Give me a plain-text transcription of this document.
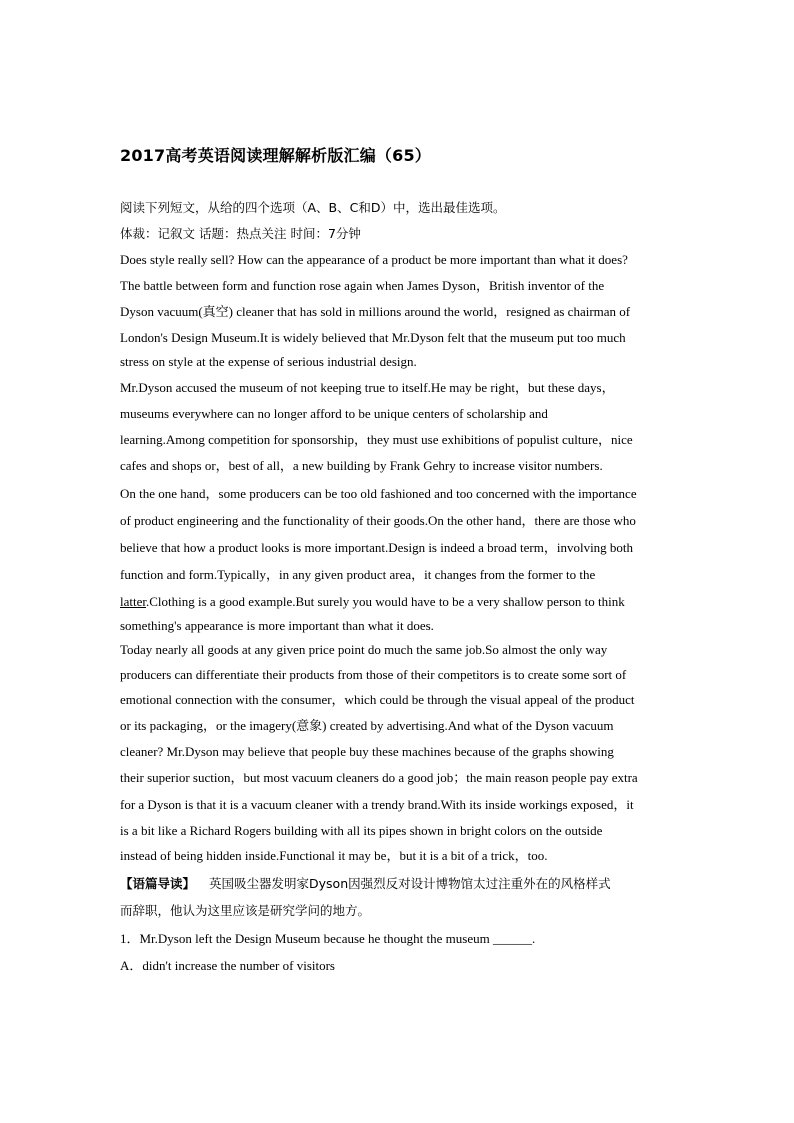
2017高考英语阅读理解解析版汇编（65）
阅读下列短文，从给的四个选项（A、B、C和D）中，选出最佳选项。
体裁：记叙文 话题：热点关注 时间：7分钟
Does style really sell? How can the appearance of a product be more important than what it does?
The battle between form and function rose again when James Dyson，British inventor of the
Dyson vacuum(真空) cleaner that has sold in millions around the world，resigned as chairman of
London's Design Museum.It is widely believed that Mr.Dyson felt that the museum put too much
stress on style at the expense of serious industrial design.
Mr.Dyson accused the museum of not keeping true to itself.He may be right，but these days，
museums everywhere can no longer afford to be unique centers of scholarship and
learning.Among competition for sponsorship，they must use exhibitions of populist culture，nice
cafes and shops or，best of all，a new building by Frank Gehry to increase visitor numbers.
On the one hand，some producers can be too old fashioned and too concerned with the importance
of product engineering and the functionality of their goods.On the other hand，there are those who
believe that how a product looks is more important.Design is indeed a broad term，involving both
function and form.Typically，in any given product area，it changes from the former to the
latter.Clothing is a good example.But surely you would have to be a very shallow person to think
something's appearance is more important than what it does.
Today nearly all goods at any given price point do much the same job.So almost the only way
producers can differentiate their products from those of their competitors is to create some sort of
emotional connection with the consumer，which could be through the visual appeal of the product
or its packaging，or the imagery(意象) created by advertising.And what of the Dyson vacuum
cleaner? Mr.Dyson may believe that people buy these machines because of the graphs showing
their superior suction，but most vacuum cleaners do a good job；the main reason people pay extra
for a Dyson is that it is a vacuum cleaner with a trendy brand.With its inside workings exposed，it
is a bit like a Richard Rogers building with all its pipes shown in bright colors on the outside
instead of being hidden inside.Functional it may be，but it is a bit of a trick，too.
【语篇导读】 英国吸尘器发明家Dyson因强烈反对设计博物馆太过注重外在的风格样式
而辞职，他认为这里应该是研究学问的地方。
1．Mr.Dyson left the Design Museum because he thought the museum ______.
A．didn't increase the number of visitors
